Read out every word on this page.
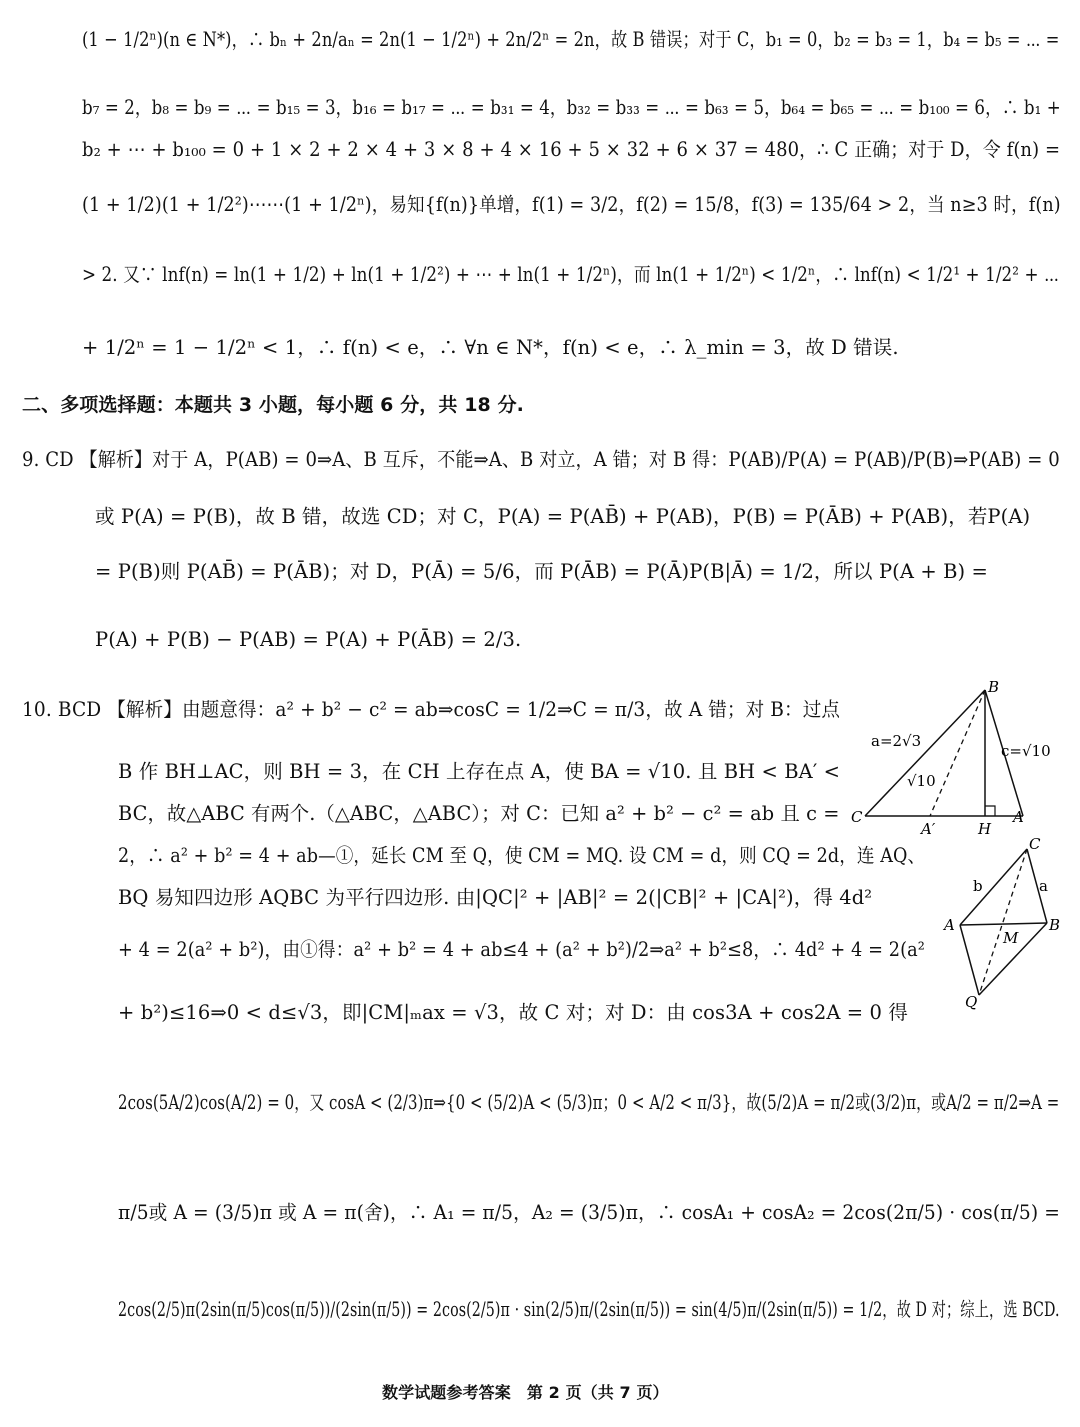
(1 − 1/2ⁿ)(n ∈ N*)，∴ bₙ + 2n/aₙ = 2n(1 − 1/2ⁿ) + 2n/2ⁿ = 2n，故 B 错误；对于 C，b₁ = 0，b₂ = b₃ = 1，b₄ = b₅ = ⋯ =
b₇ = 2，b₈ = b₉ = ⋯ = b₁₅ = 3，b₁₆ = b₁₇ = ⋯ = b₃₁ = 4，b₃₂ = b₃₃ = ⋯ = b₆₃ = 5，b₆₄ = b₆₅ = ⋯ = b₁₀₀ = 6，∴ b₁ +
b₂ + ⋯ + b₁₀₀ = 0 + 1 × 2 + 2 × 4 + 3 × 8 + 4 × 16 + 5 × 32 + 6 × 37 = 480，∴ C 正确；对于 D，令 f(n) =
(1 + 1/2)(1 + 1/2²)⋯⋯(1 + 1/2ⁿ)，易知{f(n)}单增，f(1) = 3/2，f(2) = 15/8，f(3) = 135/64 > 2，当 n≥3 时，f(n)
> 2. 又∵ lnf(n) = ln(1 + 1/2) + ln(1 + 1/2²) + ⋯ + ln(1 + 1/2ⁿ)，而 ln(1 + 1/2ⁿ) < 1/2ⁿ，∴ lnf(n) < 1/2¹ + 1/2² + ⋯
+ 1/2ⁿ = 1 − 1/2ⁿ < 1，∴ f(n) < e，∴ ∀n ∈ N*，f(n) < e，∴ λ_min = 3，故 D 错误.
二、多项选择题：本题共 3 小题，每小题 6 分，共 18 分.
9. CD 【解析】对于 A，P(AB) = 0⇒A、B 互斥，不能⇒A、B 对立，A 错；对 B 得：P(AB)/P(A) = P(AB)/P(B)⇒P(AB) = 0
或 P(A) = P(B)，故 B 错，故选 CD；对 C，P(A) = P(AB̄) + P(AB)，P(B) = P(ĀB) + P(AB)，若P(A)
= P(B)则 P(AB̄) = P(ĀB)；对 D，P(Ā) = 5/6，而 P(ĀB) = P(Ā)P(B|Ā) = 1/2，所以 P(A + B) =
P(A) + P(B) − P(AB) = P(A) + P(ĀB) = 2/3.
10. BCD 【解析】由题意得：a² + b² − c² = ab⇒cosC = 1/2⇒C = π/3，故 A 错；对 B：过点
B 作 BH⊥AC，则 BH = 3，在 CH 上存在点 A，使 BA = √10. 且 BH < BA′ <
BC，故△ABC 有两个.（△ABC，△ABC）；对 C：已知 a² + b² − c² = ab 且 c =
2，∴ a² + b² = 4 + ab—①，延长 CM 至 Q，使 CM = MQ. 设 CM = d，则 CQ = 2d，连 AQ、
BQ 易知四边形 AQBC 为平行四边形. 由|QC|² + |AB|² = 2(|CB|² + |CA|²)，得 4d²
+ 4 = 2(a² + b²)，由①得：a² + b² = 4 + ab≤4 + (a² + b²)/2⇒a² + b²≤8，∴ 4d² + 4 = 2(a²
+ b²)≤16⇒0 < d≤√3，即|CM|ₘax = √3，故 C 对；对 D：由 cos3A + cos2A = 0 得
2cos(5A/2)cos(A/2) = 0，又 cosA < (2/3)π⇒{0 < (5/2)A < (5/3)π；0 < A/2 < π/3}，故(5/2)A = π/2或(3/2)π，或A/2 = π/2⇒A =
π/5或 A = (3/5)π 或 A = π(舍)，∴ A₁ = π/5，A₂ = (3/5)π，∴ cosA₁ + cosA₂ = 2cos(2π/5) · cos(π/5) =
2cos(2/5)π(2sin(π/5)cos(π/5))/(2sin(π/5)) = 2cos(2/5)π · sin(2/5)π/(2sin(π/5)) = sin(4/5)π/(2sin(π/5)) = 1/2，故 D 对；综上，选 BCD.
数学试题参考答案　第 2 页（共 7 页）
B
C	A
A′	H
a=2√3
c=√10
√10
C
A	B
M
Q
b	a
